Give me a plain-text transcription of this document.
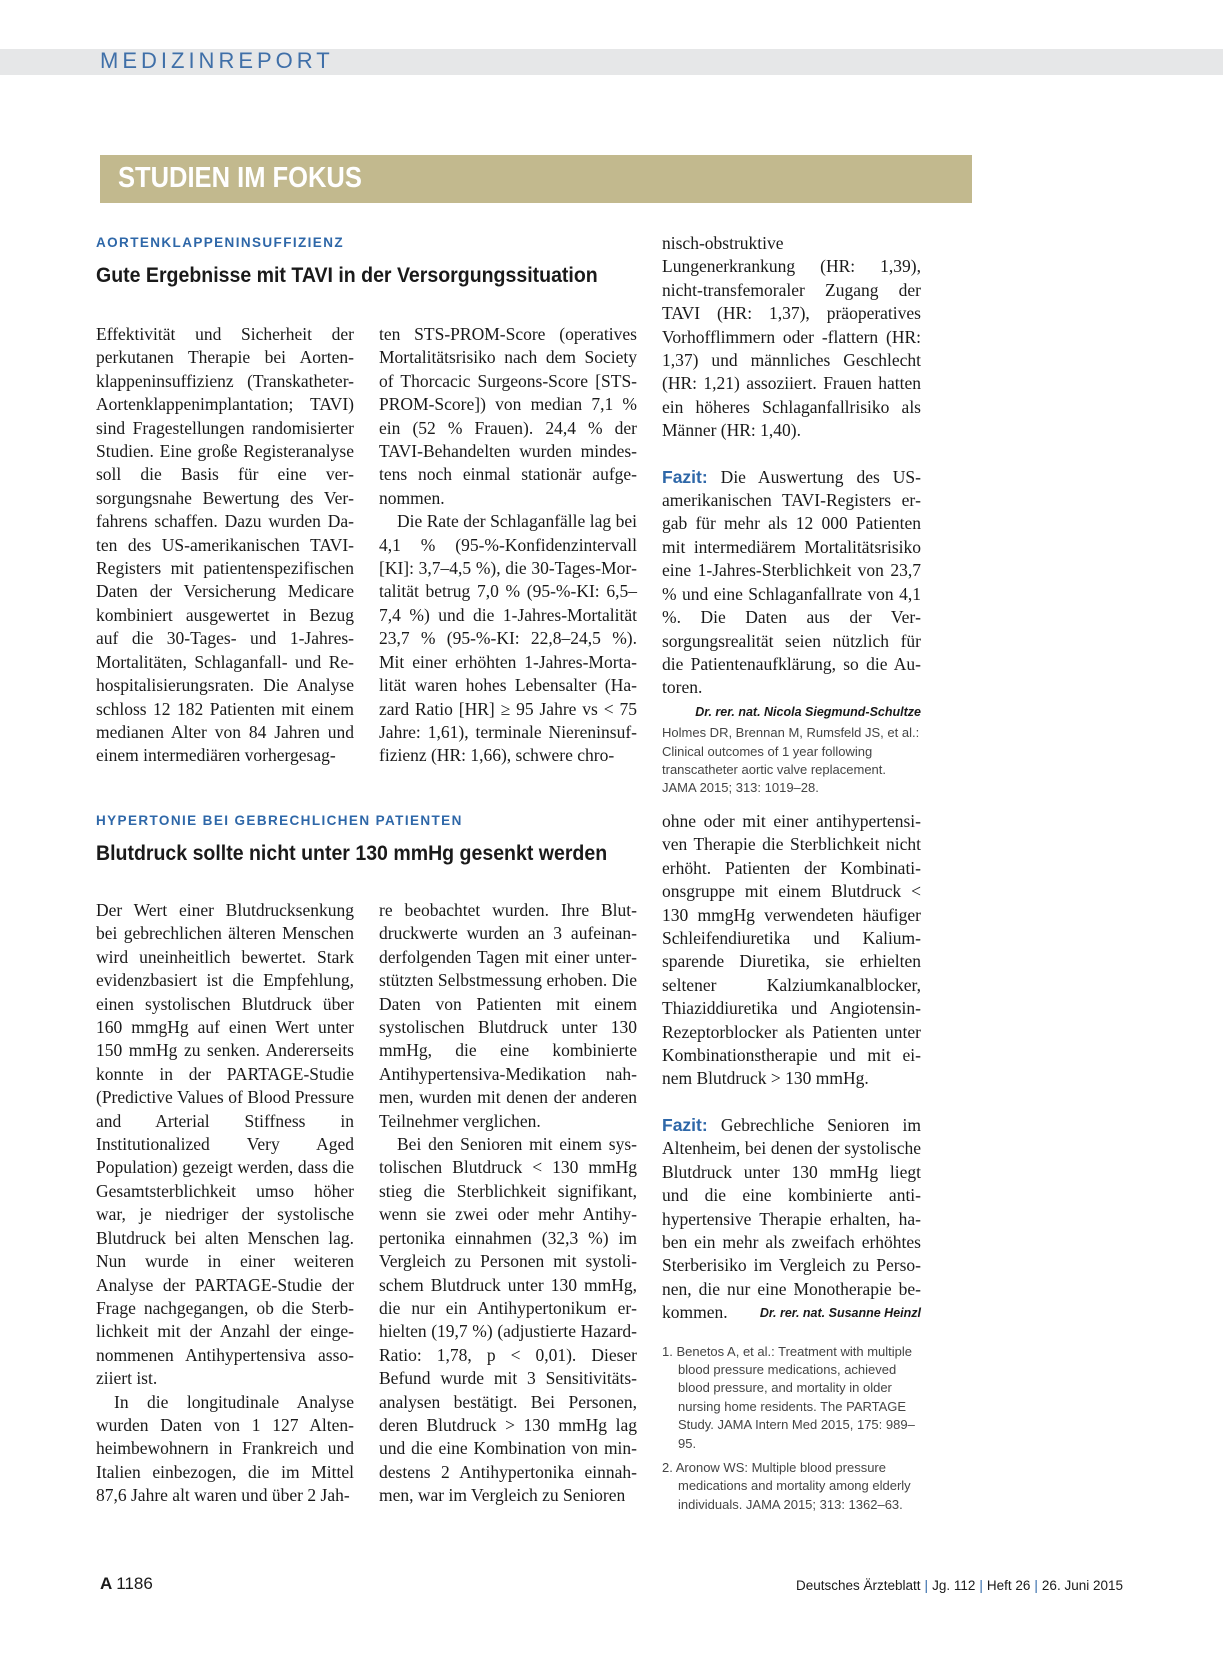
MEDIZINREPORT
STUDIEN IM FOKUS
AORTENKLAPPENINSUFFIZIENZ
Gute Ergebnisse mit TAVI in der Versorgungssituation

Effektivität und Sicherheit der perkutanen Therapie bei Aortenklappeninsuffizienz (Transkatheter-Aortenklappenimplantation; TAVI) sind Fragestellungen randomisierter Studien. Eine große Registeranalyse soll die Basis für eine versorgungsnahe Bewertung des Verfahrens schaffen. Dazu wurden Daten des US-amerikanischen TAVI-Registers mit patientenspezifischen Daten der Versicherung Medicare kombiniert ausgewertet in Bezug auf die 30-Tages- und 1-Jahres-Mortalitäten, Schlaganfall- und Rehospitalisierungsraten. Die Analyse schloss 12 182 Patienten mit einem medianen Alter von 84 Jahren und einem intermediären vorhergesag-

ten STS-PROM-Score (operatives Mortalitätsrisiko nach dem Society of Thorcacic Surgeons-Score [STS-PROM-Score]) von median 7,1 % ein (52 % Frauen). 24,4 % der TAVI-Behandelten wurden mindestens noch einmal stationär aufgenommen.

Die Rate der Schlaganfälle lag bei 4,1 % (95-%-Konfidenzintervall [KI]: 3,7–4,5 %), die 30-Tages-Mortalität betrug 7,0 % (95-%-KI: 6,5–7,4 %) und die 1-Jahres-Mortalität 23,7 % (95-%-KI: 22,8–24,5 %). Mit einer erhöhten 1-Jahres-Mortalität waren hohes Lebensalter (Hazard Ratio [HR] ≥ 95 Jahre vs < 75 Jahre: 1,61), terminale Niereninsuffizienz (HR: 1,66), schwere chro-

nisch-obstruktive Lungenerkrankung (HR: 1,39), nicht-transfemoraler Zugang der TAVI (HR: 1,37), präoperatives Vorhofflimmern oder -flattern (HR: 1,37) und männliches Geschlecht (HR: 1,21) assoziiert. Frauen hatten ein höheres Schlaganfallrisiko als Männer (HR: 1,40).

Fazit: Die Auswertung des US-amerikanischen TAVI-Registers ergab für mehr als 12 000 Patienten mit intermediärem Mortalitätsrisiko eine 1-Jahres-Sterblichkeit von 23,7 % und eine Schlaganfallrate von 4,1 %. Die Daten aus der Versorgungsrealität seien nützlich für die Patientenaufklärung, so die Autoren.
Dr. rer. nat. Nicola Siegmund-Schultze

Holmes DR, Brennan M, Rumsfeld JS, et al.: Clinical outcomes of 1 year following transcatheter aortic valve replacement. JAMA 2015; 313: 1019–28.
HYPERTONIE BEI GEBRECHLICHEN PATIENTEN
Blutdruck sollte nicht unter 130 mmHg gesenkt werden

Der Wert einer Blutdrucksenkung bei gebrechlichen älteren Menschen wird uneinheitlich bewertet. Stark evidenzbasiert ist die Empfehlung, einen systolischen Blutdruck über 160 mmgHg auf einen Wert unter 150 mmHg zu senken. Andererseits konnte in der PARTAGE-Studie (Predictive Values of Blood Pressure and Arterial Stiffness in Institutionalized Very Aged Population) gezeigt werden, dass die Gesamtsterblichkeit umso höher war, je niedriger der systolische Blutdruck bei alten Menschen lag. Nun wurde in einer weiteren Analyse der PARTAGE-Studie der Frage nachgegangen, ob die Sterblichkeit mit der Anzahl der eingenommenen Antihypertensiva assoziiert ist.

In die longitudinale Analyse wurden Daten von 1 127 Altenheimbewohnern in Frankreich und Italien einbezogen, die im Mittel 87,6 Jahre alt waren und über 2 Jah-

re beobachtet wurden. Ihre Blutdruckwerte wurden an 3 aufeinanderfolgenden Tagen mit einer unterstützten Selbstmessung erhoben. Die Daten von Patienten mit einem systolischen Blutdruck unter 130 mmHg, die eine kombinierte Antihypertensiva-Medikation nahmen, wurden mit denen der anderen Teilnehmer verglichen.

Bei den Senioren mit einem systolischen Blutdruck < 130 mmHg stieg die Sterblichkeit signifikant, wenn sie zwei oder mehr Antihypertonika einnahmen (32,3 %) im Vergleich zu Personen mit systolischem Blutdruck unter 130 mmHg, die nur ein Antihypertonikum erhielten (19,7 %) (adjustierte Hazard-Ratio: 1,78, p < 0,01). Dieser Befund wurde mit 3 Sensitivitätsanalysen bestätigt. Bei Personen, deren Blutdruck > 130 mmHg lag und die eine Kombination von mindestens 2 Antihypertonika einnahmen, war im Vergleich zu Senioren

ohne oder mit einer antihypertensiven Therapie die Sterblichkeit nicht erhöht. Patienten der Kombinationsgruppe mit einem Blutdruck < 130 mmgHg verwendeten häufiger Schleifendiuretika und Kaliumsparende Diuretika, sie erhielten seltener Kalziumkanalblocker, Thiaziddiuretika und Angiotensin-Rezeptorblocker als Patienten unter Kombinationstherapie und mit einem Blutdruck > 130 mmHg.

Fazit: Gebrechliche Senioren im Altenheim, bei denen der systolische Blutdruck unter 130 mmHg liegt und die eine kombinierte antihypertensive Therapie erhalten, haben ein mehr als zweifach erhöhtes Sterberisiko im Vergleich zu Personen, die nur eine Monotherapie bekommen.	Dr. rer. nat. Susanne Heinzl

1. Benetos A, et al.: Treatment with multiple blood pressure medications, achieved blood pressure, and mortality in older nursing home residents. The PARTAGE Study. JAMA Intern Med 2015, 175: 989–95.
2. Aronow WS: Multiple blood pressure medications and mortality among elderly individuals. JAMA 2015; 313: 1362–63.
A 1186	Deutsches Ärzteblatt | Jg. 112 | Heft 26 | 26. Juni 2015
